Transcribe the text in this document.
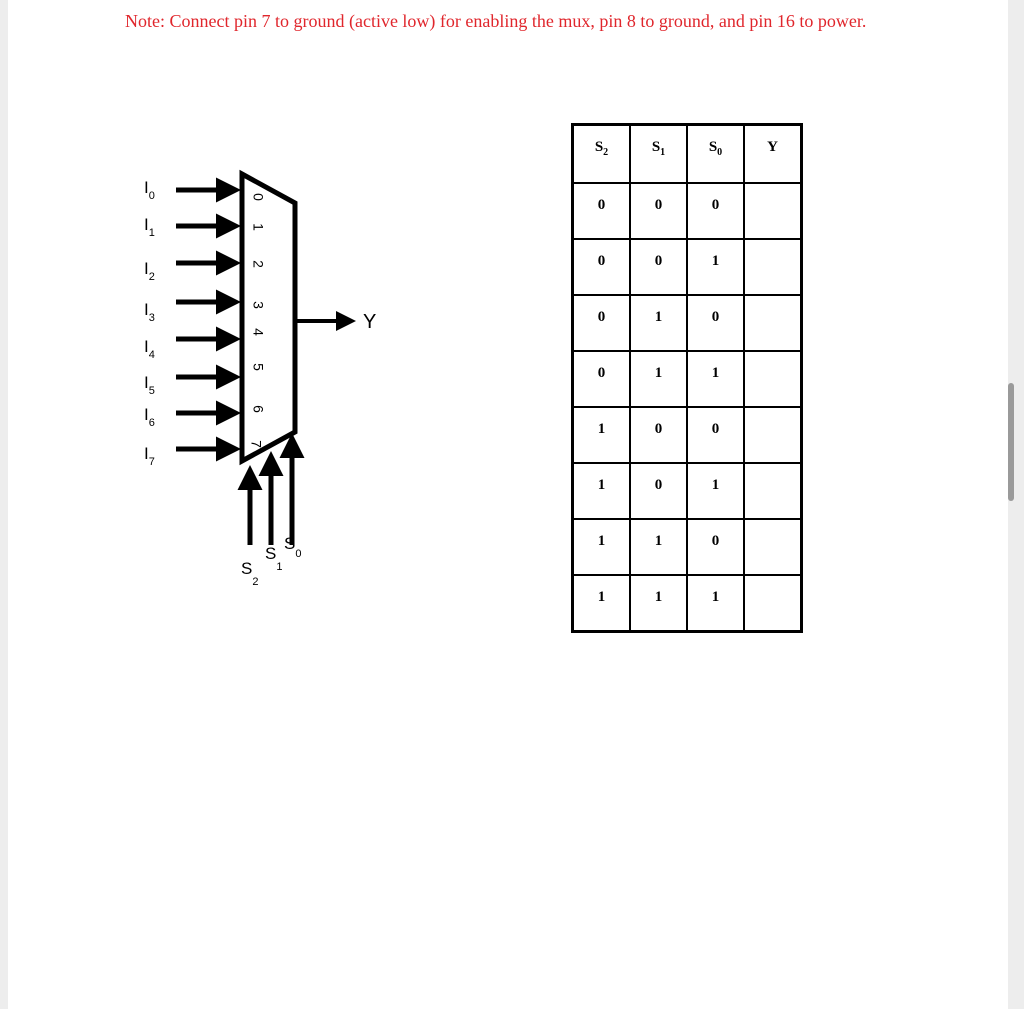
Note: Connect pin 7 to ground (active low) for enabling the mux, pin 8 to ground, and pin 16 to power.

$I_0$
$I_1$
$I_2$
$I_3$
$I_4$
$I_5$
$I_6$
$I_7$
0
1
2
3
4
5
6
7
Y
$S_2$
$S_1$
$S_0$
$S_2$	$S_1$	$S_0$	Y
0	0	0	
0	0	1	
0	1	0	
0	1	1	
1	0	0	
1	0	1	
1	1	0	
1	1	1	
